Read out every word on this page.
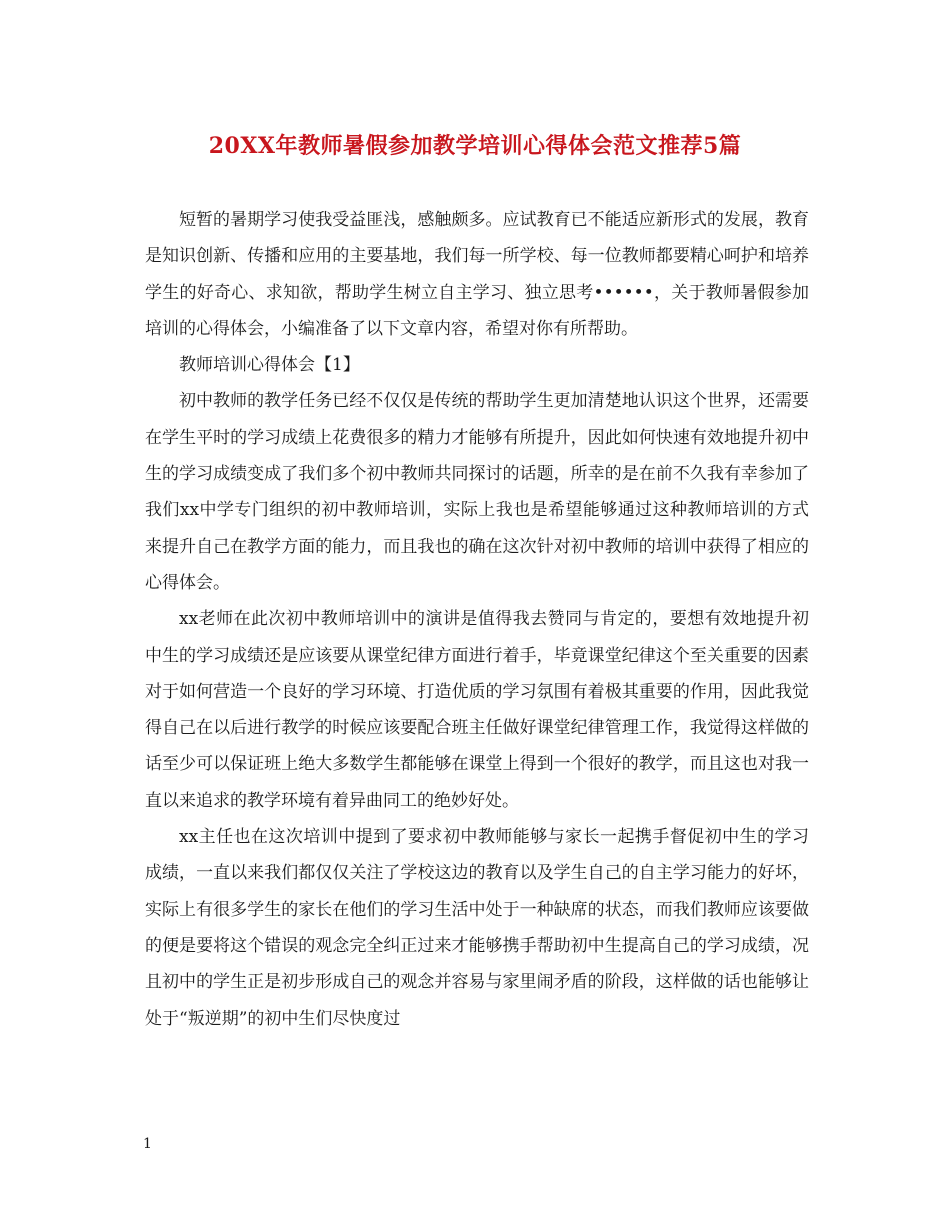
20XX年教师暑假参加教学培训心得体会范文推荐5篇

短暂的暑期学习使我受益匪浅，感触颇多。应试教育已不能适应新形式的发展，教育是知识创新、传播和应用的主要基地，我们每一所学校、每一位教师都要精心呵护和培养学生的好奇心、求知欲，帮助学生树立自主学习、独立思考••••••，关于教师暑假参加培训的心得体会，小编准备了以下文章内容，希望对你有所帮助。

教师培训心得体会【1】

初中教师的教学任务已经不仅仅是传统的帮助学生更加清楚地认识这个世界，还需要在学生平时的学习成绩上花费很多的精力才能够有所提升，因此如何快速有效地提升初中生的学习成绩变成了我们多个初中教师共同探讨的话题，所幸的是在前不久我有幸参加了我们xx中学专门组织的初中教师培训，实际上我也是希望能够通过这种教师培训的方式来提升自己在教学方面的能力，而且我也的确在这次针对初中教师的培训中获得了相应的心得体会。

xx老师在此次初中教师培训中的演讲是值得我去赞同与肯定的，要想有效地提升初中生的学习成绩还是应该要从课堂纪律方面进行着手，毕竟课堂纪律这个至关重要的因素对于如何营造一个良好的学习环境、打造优质的学习氛围有着极其重要的作用，因此我觉得自己在以后进行教学的时候应该要配合班主任做好课堂纪律管理工作，我觉得这样做的话至少可以保证班上绝大多数学生都能够在课堂上得到一个很好的教学，而且这也对我一直以来追求的教学环境有着异曲同工的绝妙好处。

xx主任也在这次培训中提到了要求初中教师能够与家长一起携手督促初中生的学习成绩，一直以来我们都仅仅关注了学校这边的教育以及学生自己的自主学习能力的好坏，实际上有很多学生的家长在他们的学习生活中处于一种缺席的状态，而我们教师应该要做的便是要将这个错误的观念完全纠正过来才能够携手帮助初中生提高自己的学习成绩，况且初中的学生正是初步形成自己的观念并容易与家里闹矛盾的阶段，这样做的话也能够让处于“叛逆期”的初中生们尽快度过

1
